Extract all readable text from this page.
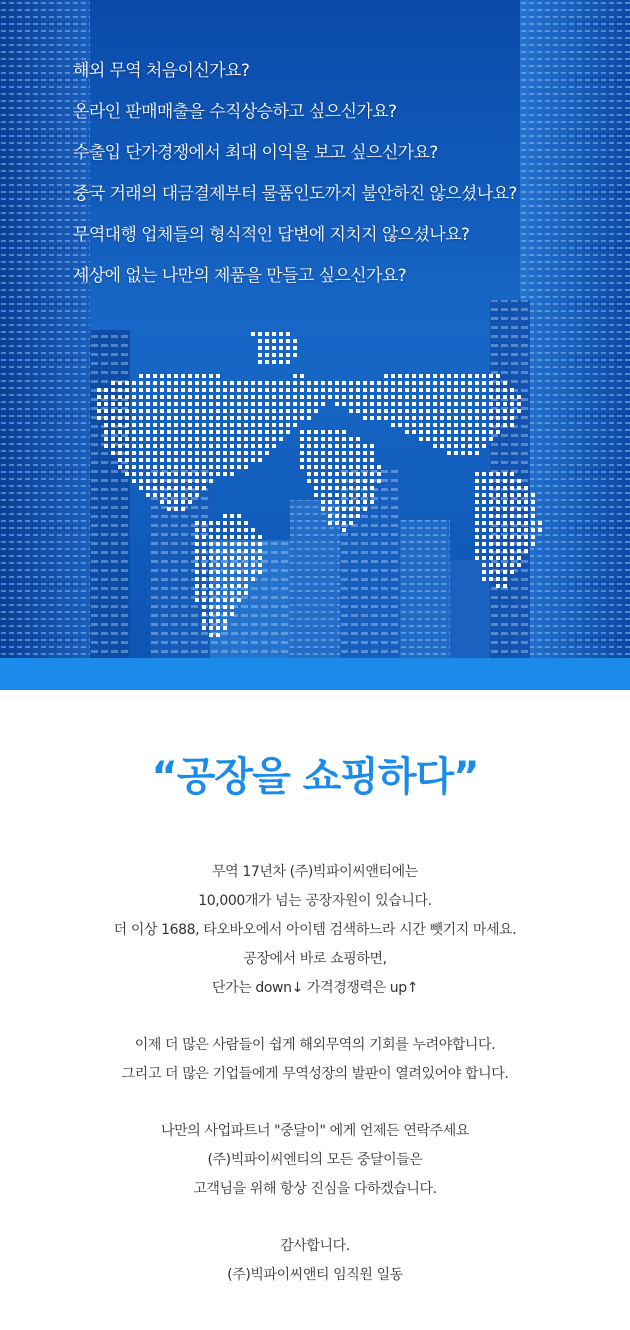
해외 무역 처음이신가요?
온라인 판매매출을 수직상승하고 싶으신가요?
수출입 단가경쟁에서 최대 이익을 보고 싶으신가요?
중국 거래의 대금결제부터 물품인도까지 불안하진 않으셨나요?
무역대행 업체들의 형식적인 답변에 지치지 않으셨나요?
세상에 없는 나만의 제품을 만들고 싶으신가요?
“공장을 쇼핑하다”
무역 17년차 (주)빅파이씨앤티에는
10,000개가 넘는 공장자원이 있습니다.
더 이상 1688, 타오바오에서 아이템 검색하느라 시간 뺏기지 마세요.
공장에서 바로 쇼핑하면,
단가는 down↓ 가격경쟁력은 up↑
이제 더 많은 사람들이 쉽게 해외무역의 기회를 누려야합니다.
그리고 더 많은 기업들에게 무역성장의 발판이 열려있어야 합니다.
나만의 사업파트너 "중달이" 에게 언제든 연락주세요
(주)빅파이씨엔티의 모든 중달이들은
고객님을 위해 항상 진심을 다하겠습니다.
감사합니다.
(주)빅파이씨앤티 임직원 일동
